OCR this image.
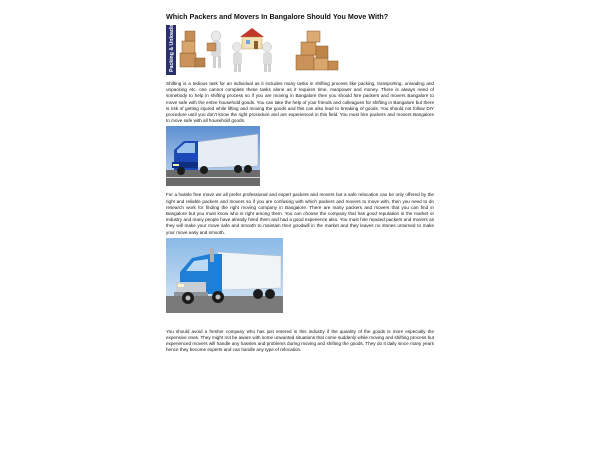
Which Packers and Movers In Bangalore Should You Move With?
Packing & Unloading

Shifting is a tedious task for an individual as it includes many tasks in shifting process like packing, transporting, unloading and unpacking etc. one cannot complete these tasks alone as it requires time, manpower and money. There is always need of somebody to help in shifting process so if you are moving in Bangalore then you should hire packers and movers Bangalore to move safe with the entire household goods. You can take the help of your friends and colleagues for shifting in Bangalore but there is risk of getting injured while lifting and moving the goods and this can also lead to breaking of goods. You should not follow DIY procedure until you don't know the right procedure and are experienced in this field. You must hire packers and movers Bangalore to move safe with all household goods.

For a hassle free move we all prefer professional and expert packers and movers but a safe relocation can be only offered by the right and reliable packers and movers so if you are confusing with which packers and movers to move with, then you need to do research work for finding the right moving company in Bangalore. There are many packers and movers that you can find in Bangalore but you must know who is right among them. You can choose the company that has good reputation in the market or industry and many people have already hired them and had a good experience also. You must hire reputed packers and movers as they will make your move safe and smooth to maintain their goodwill in the market and they leaves no stones unturned to make your move easy and smooth.

You should avoid a fresher company who has just entered in this industry if the quantity of the goods is more especially the expensive ones. They might not be aware with some unwanted situations that come suddenly while moving and shifting process but experienced movers will handle any hassles and problems during moving and shifting the goods. They do it daily since many years hence they become experts and can handle any type of relocation.
